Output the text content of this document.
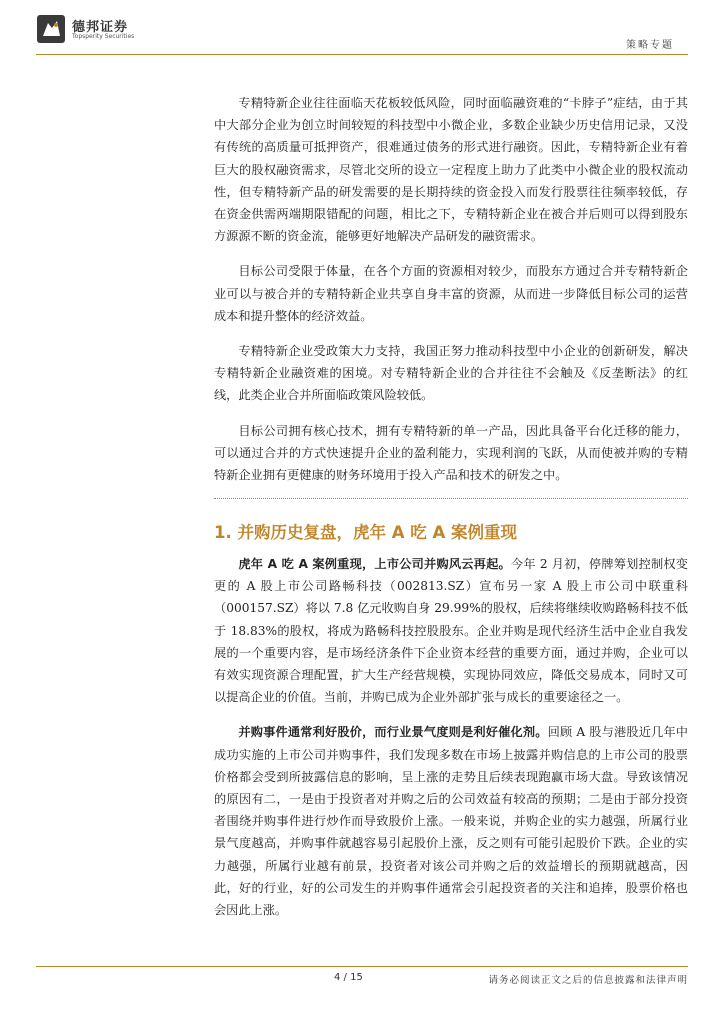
德邦证券
Topsperity Securities
策略专题

专精特新企业往往面临天花板较低风险，同时面临融资难的“卡脖子”症结，由于其中大部分企业为创立时间较短的科技型中小微企业，多数企业缺少历史信用记录，又没有传统的高质量可抵押资产，很难通过债务的形式进行融资。因此，专精特新企业有着巨大的股权融资需求，尽管北交所的设立一定程度上助力了此类中小微企业的股权流动性，但专精特新产品的研发需要的是长期持续的资金投入而发行股票往往频率较低，存在资金供需两端期限错配的问题，相比之下，专精特新企业在被合并后则可以得到股东方源源不断的资金流，能够更好地解决产品研发的融资需求。

目标公司受限于体量，在各个方面的资源相对较少，而股东方通过合并专精特新企业可以与被合并的专精特新企业共享自身丰富的资源，从而进一步降低目标公司的运营成本和提升整体的经济效益。

专精特新企业受政策大力支持，我国正努力推动科技型中小企业的创新研发，解决专精特新企业融资难的困境。对专精特新企业的合并往往不会触及《反垄断法》的红线，此类企业合并所面临政策风险较低。

目标公司拥有核心技术，拥有专精特新的单一产品，因此具备平台化迁移的能力，可以通过合并的方式快速提升企业的盈利能力，实现利润的飞跃，从而使被并购的专精特新企业拥有更健康的财务环境用于投入产品和技术的研发之中。

1. 并购历史复盘，虎年 A 吃 A 案例重现

虎年 A 吃 A 案例重现，上市公司并购风云再起。今年 2 月初，停牌筹划控制权变更的 A 股上市公司路畅科技（002813.SZ）宣布另一家 A 股上市公司中联重科（000157.SZ）将以 7.8 亿元收购自身 29.99%的股权，后续将继续收购路畅科技不低于 18.83%的股权，将成为路畅科技控股股东。企业并购是现代经济生活中企业自我发展的一个重要内容，是市场经济条件下企业资本经营的重要方面，通过并购，企业可以有效实现资源合理配置，扩大生产经营规模，实现协同效应，降低交易成本，同时又可以提高企业的价值。当前，并购已成为企业外部扩张与成长的重要途径之一。

并购事件通常利好股价，而行业景气度则是利好催化剂。回顾 A 股与港股近几年中成功实施的上市公司并购事件，我们发现多数在市场上披露并购信息的上市公司的股票价格都会受到所披露信息的影响，呈上涨的走势且后续表现跑赢市场大盘。导致该情况的原因有二，一是由于投资者对并购之后的公司效益有较高的预期；二是由于部分投资者围绕并购事件进行炒作而导致股价上涨。一般来说，并购企业的实力越强，所属行业景气度越高，并购事件就越容易引起股价上涨，反之则有可能引起股价下跌。企业的实力越强，所属行业越有前景，投资者对该公司并购之后的效益增长的预期就越高，因此，好的行业，好的公司发生的并购事件通常会引起投资者的关注和追捧，股票价格也会因此上涨。

4 / 15	请务必阅读正文之后的信息披露和法律声明
